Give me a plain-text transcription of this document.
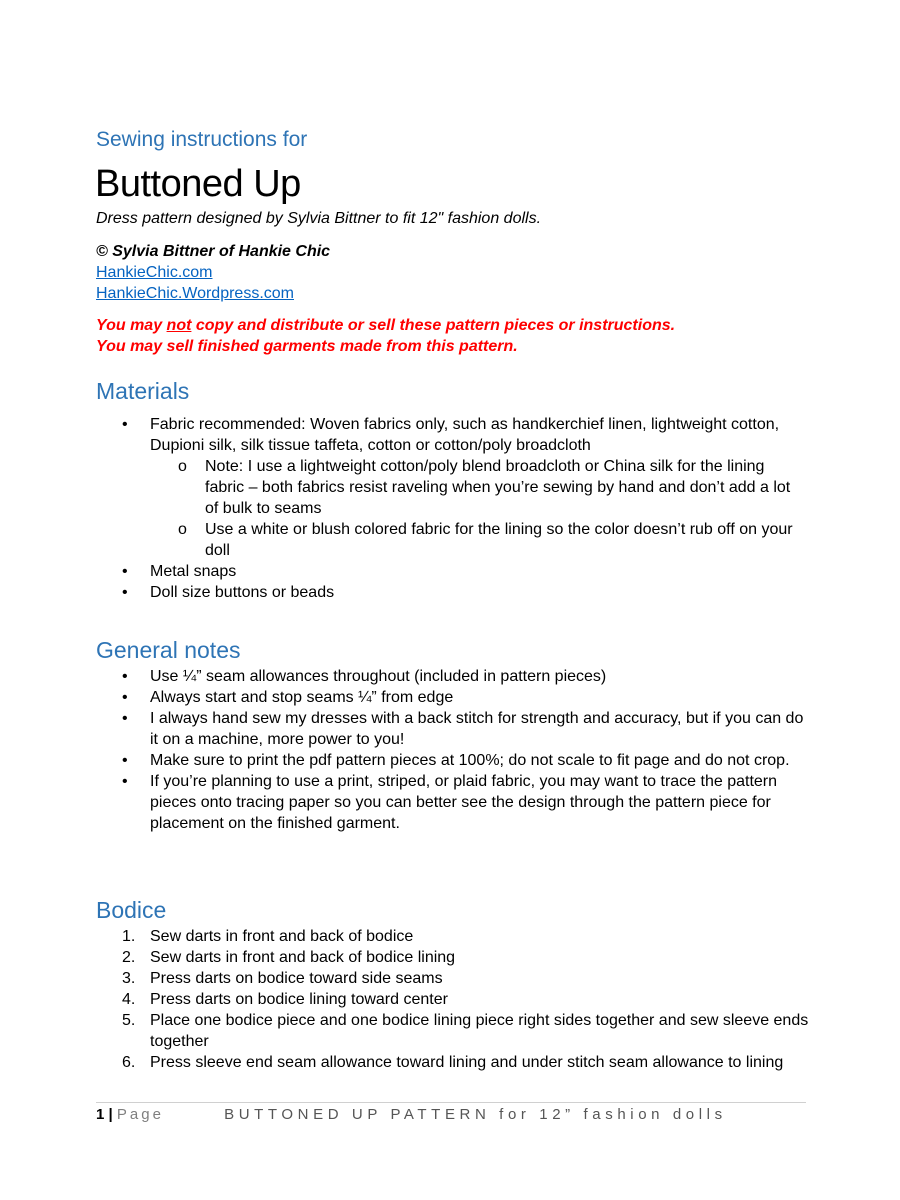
Sewing instructions for
Buttoned Up
Dress pattern designed by Sylvia Bittner to fit 12" fashion dolls.
© Sylvia Bittner of Hankie Chic
HankieChic.com
HankieChic.Wordpress.com
You may not copy and distribute or sell these pattern pieces or instructions.
You may sell finished garments made from this pattern.
Materials
•	Fabric recommended: Woven fabrics only, such as handkerchief linen, lightweight cotton, Dupioni silk, silk tissue taffeta, cotton or cotton/poly broadcloth
o	Note: I use a lightweight cotton/poly blend broadcloth or China silk for the lining fabric – both fabrics resist raveling when you’re sewing by hand and don’t add a lot of bulk to seams
o	Use a white or blush colored fabric for the lining so the color doesn’t rub off on your doll
•	Metal snaps
•	Doll size buttons or beads
General notes
•	Use ¼” seam allowances throughout (included in pattern pieces)
•	Always start and stop seams ¼” from edge
•	I always hand sew my dresses with a back stitch for strength and accuracy, but if you can do it on a machine, more power to you!
•	Make sure to print the pdf pattern pieces at 100%; do not scale to fit page and do not crop.
•	If you’re planning to use a print, striped, or plaid fabric, you may want to trace the pattern pieces onto tracing paper so you can better see the design through the pattern piece for placement on the finished garment.
Bodice
1. Sew darts in front and back of bodice
2. Sew darts in front and back of bodice lining
3. Press darts on bodice toward side seams
4. Press darts on bodice lining toward center
5. Place one bodice piece and one bodice lining piece right sides together and sew sleeve ends together
6. Press sleeve end seam allowance toward lining and under stitch seam allowance to lining
1 | Page	BUTTONED UP PATTERN for 12” fashion dolls
